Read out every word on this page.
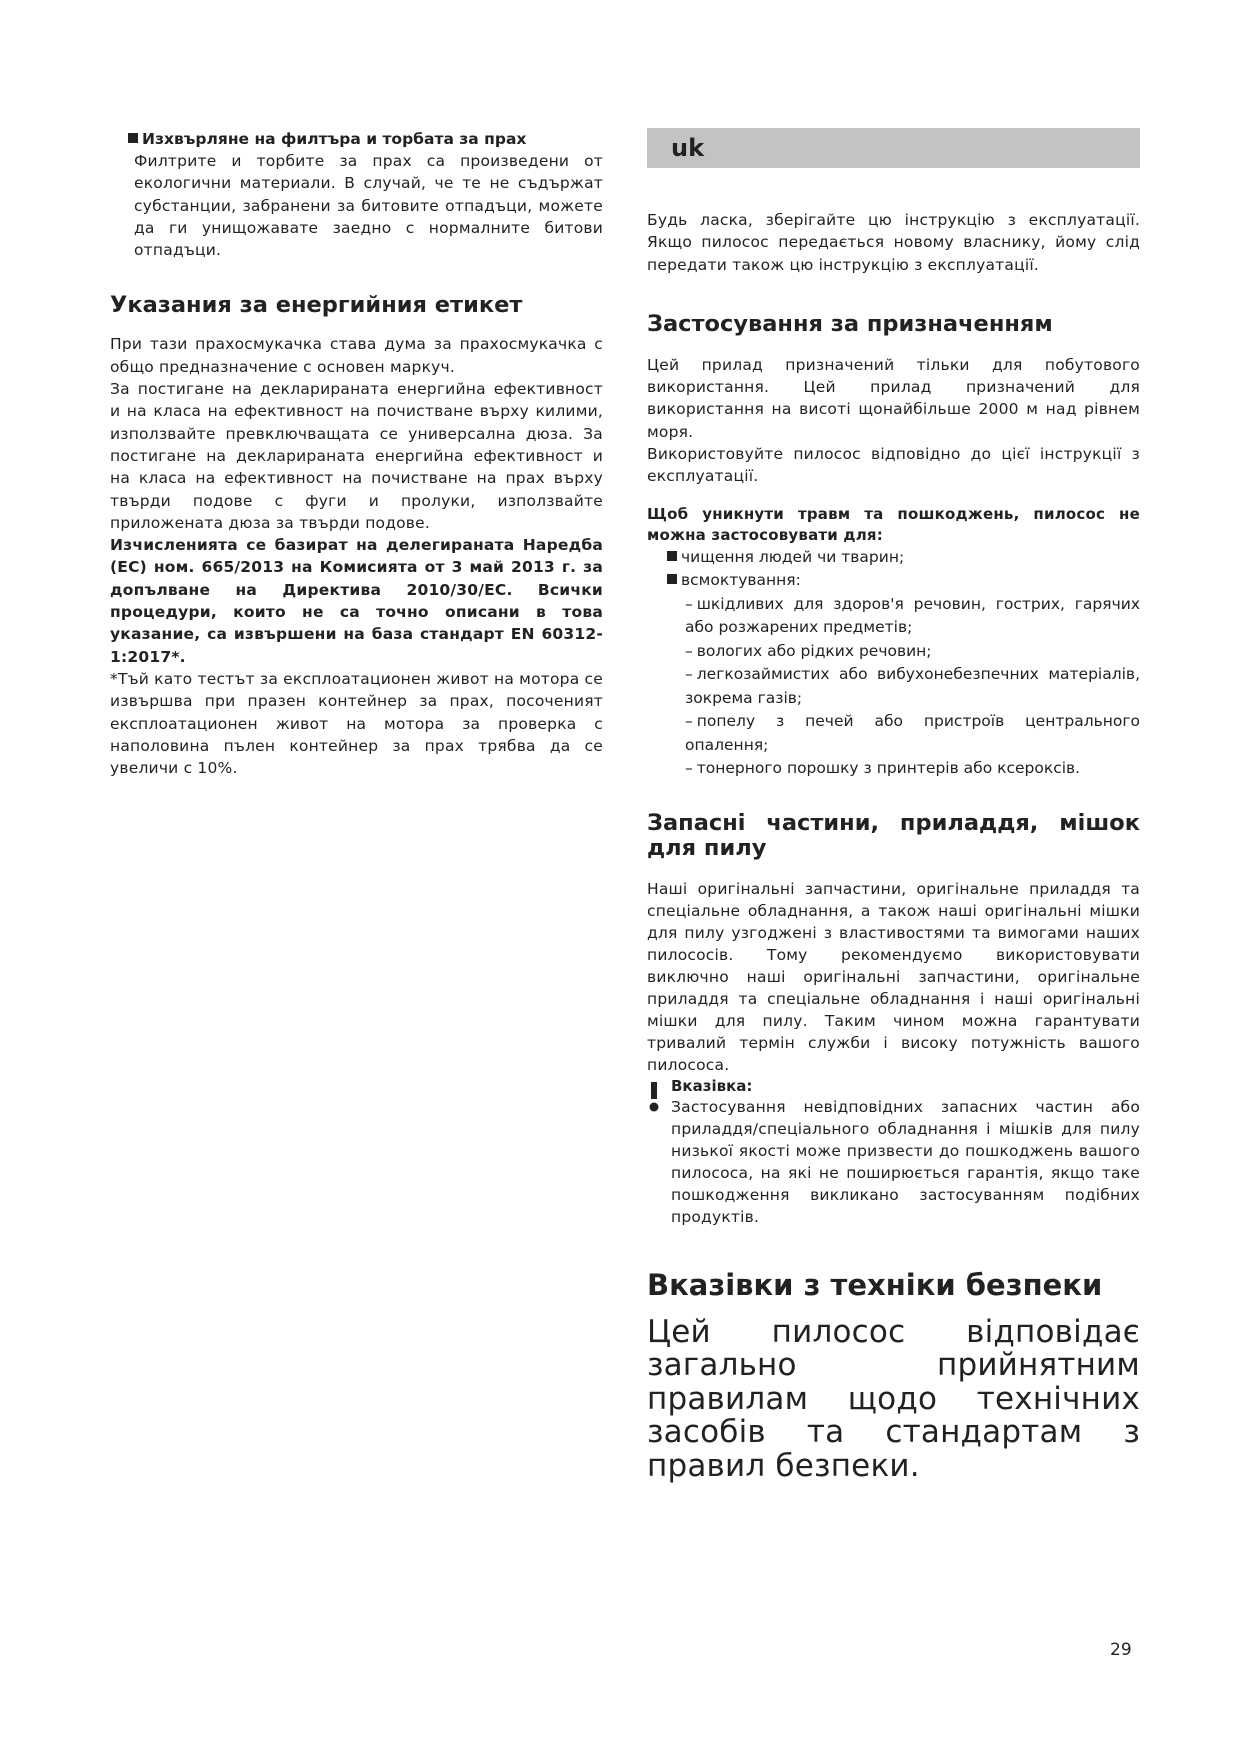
Изхвърляне на филтъра и торбата за прах

Филтрите и торбите за прах са произведени от екологични материали. В случай, че те не съдържат субстанции, забранени за битовите отпадъци, можете да ги унищожавате заедно с нормалните битови отпадъци.

Указания за енергийния етикет

При тази прахосмукачка става дума за прахосмукачка с общо предназначение с основен маркуч.

За постигане на декларираната енергийна ефективност и на класа на ефективност на почистване върху килими, използвайте превключващата се универсална дюза. За постигане на декларираната енергийна ефективност и на класа на ефективност на почистване на прах върху твърди подове с фуги и пролуки, използвайте приложената дюза за твърди подове.

Изчисленията се базират на делегираната Наредба (ЕС) ном. 665/2013 на Комисията от 3 май 2013 г. за допълване на Директива 2010/30/ЕС. Всички процедури, които не са точно описани в това указание, са извършени на база стандарт EN 60312-1:2017*.

*Тъй като тестът за експлоатационен живот на мотора се извършва при празен контейнер за прах, посоченият експлоатационен живот на мотора за проверка с наполовина пълен контейнер за прах трябва да се увеличи с 10%.

uk

Будь ласка, зберігайте цю інструкцію з експлуатації. Якщо пилосос передається новому власнику, йому слід передати також цю інструкцію з експлуатації.

Застосування за призначенням

Цей прилад призначений тільки для побутового використання. Цей прилад призначений для використання на висоті щонайбільше 2000 м над рівнем моря.

Використовуйте пилосос відповідно до цієї інструкції з експлуатації.

Щоб уникнути травм та пошкоджень, пилосос не можна застосовувати для:

чищення людей чи тварин;
всмоктування:
– шкідливих для здоров'я речовин, гострих, гарячих або розжарених предметів;
– вологих або рідких речовин;
– легкозаймистих або вибухонебезпечних матеріалів, зокрема газів;
– попелу з печей або пристроїв центрального опалення;
– тонерного порошку з принтерів або ксероксів.
Запасні частини, приладдя, мішок для пилу

Наші оригінальні запчастини, оригінальне приладдя та спеціальне обладнання, а також наші оригінальні мішки для пилу узгоджені з властивостями та вимогами наших пилососів. Тому рекомендуємо використовувати виключно наші оригінальні запчастини, оригінальне приладдя та спеціальне обладнання і наші оригінальні мішки для пилу. Таким чином можна гарантувати тривалий термін служби і високу потужність вашого пилососа.

Вказівка:

Застосування невідповідних запасних частин або приладдя/спеціального обладнання і мішків для пилу низької якості може призвести до пошкоджень вашого пилососа, на які не поширюється гарантія, якщо таке пошкодження викликано застосуванням подібних продуктів.

Вказівки з техніки безпеки

Цей пилосос відповідає загально прийнятним правилам щодо технічних засобів та стандартам з правил безпеки.

29
